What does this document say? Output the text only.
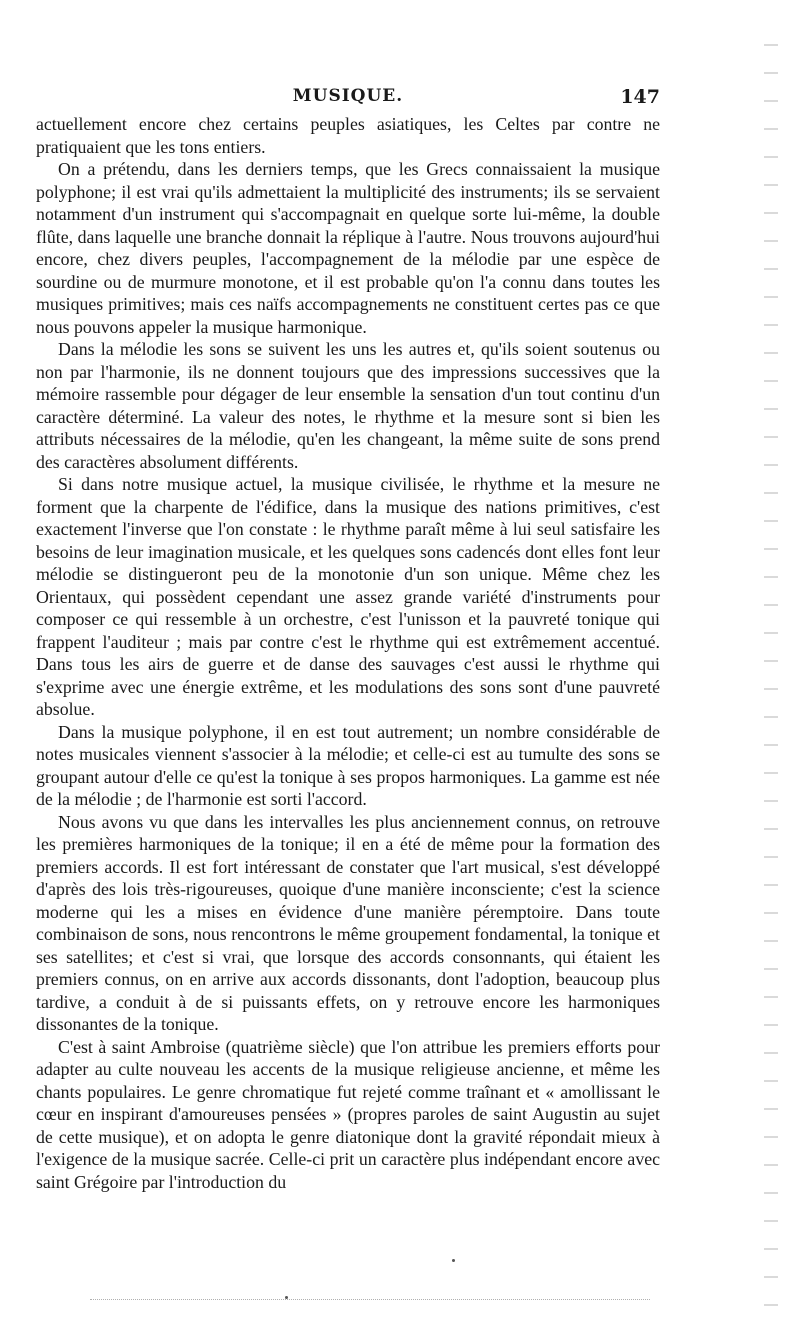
MUSIQUE.	147

actuellement encore chez certains peuples asiatiques, les Celtes par contre ne pratiquaient que les tons entiers.

On a prétendu, dans les derniers temps, que les Grecs connaissaient la musique polyphone; il est vrai qu'ils admettaient la multiplicité des instruments; ils se servaient notamment d'un instrument qui s'accompagnait en quelque sorte lui-même, la double flûte, dans laquelle une branche donnait la réplique à l'autre. Nous trouvons aujourd'hui encore, chez divers peuples, l'accompagnement de la mélodie par une espèce de sourdine ou de murmure monotone, et il est probable qu'on l'a connu dans toutes les musiques primitives; mais ces naïfs accompagnements ne constituent certes pas ce que nous pouvons appeler la musique harmonique.

Dans la mélodie les sons se suivent les uns les autres et, qu'ils soient soutenus ou non par l'harmonie, ils ne donnent toujours que des impressions successives que la mémoire rassemble pour dégager de leur ensemble la sensation d'un tout continu d'un caractère déterminé. La valeur des notes, le rhythme et la mesure sont si bien les attributs nécessaires de la mélodie, qu'en les changeant, la même suite de sons prend des caractères absolument différents.

Si dans notre musique actuel, la musique civilisée, le rhythme et la mesure ne forment que la charpente de l'édifice, dans la musique des nations primitives, c'est exactement l'inverse que l'on constate : le rhythme paraît même à lui seul satisfaire les besoins de leur imagination musicale, et les quelques sons cadencés dont elles font leur mélodie se distingueront peu de la monotonie d'un son unique. Même chez les Orientaux, qui possèdent cependant une assez grande variété d'instruments pour composer ce qui ressemble à un orchestre, c'est l'unisson et la pauvreté tonique qui frappent l'auditeur ; mais par contre c'est le rhythme qui est extrêmement accentué. Dans tous les airs de guerre et de danse des sauvages c'est aussi le rhythme qui s'exprime avec une énergie extrême, et les modulations des sons sont d'une pauvreté absolue.

Dans la musique polyphone, il en est tout autrement; un nombre considérable de notes musicales viennent s'associer à la mélodie; et celle-ci est au tumulte des sons se groupant autour d'elle ce qu'est la tonique à ses propos harmoniques. La gamme est née de la mélodie ; de l'harmonie est sorti l'accord.

Nous avons vu que dans les intervalles les plus anciennement connus, on retrouve les premières harmoniques de la tonique; il en a été de même pour la formation des premiers accords. Il est fort intéressant de constater que l'art musical, s'est développé d'après des lois très-rigoureuses, quoique d'une manière inconsciente; c'est la science moderne qui les a mises en évidence d'une manière péremptoire. Dans toute combinaison de sons, nous rencontrons le même groupement fondamental, la tonique et ses satellites; et c'est si vrai, que lorsque des accords consonnants, qui étaient les premiers connus, on en arrive aux accords dissonants, dont l'adoption, beaucoup plus tardive, a conduit à de si puissants effets, on y retrouve encore les harmoniques dissonantes de la tonique.

C'est à saint Ambroise (quatrième siècle) que l'on attribue les premiers efforts pour adapter au culte nouveau les accents de la musique religieuse ancienne, et même les chants populaires. Le genre chromatique fut rejeté comme traînant et « amollissant le cœur en inspirant d'amoureuses pensées » (propres paroles de saint Augustin au sujet de cette musique), et on adopta le genre diatonique dont la gravité répondait mieux à l'exigence de la musique sacrée. Celle-ci prit un caractère plus indépendant encore avec saint Grégoire par l'introduction du
